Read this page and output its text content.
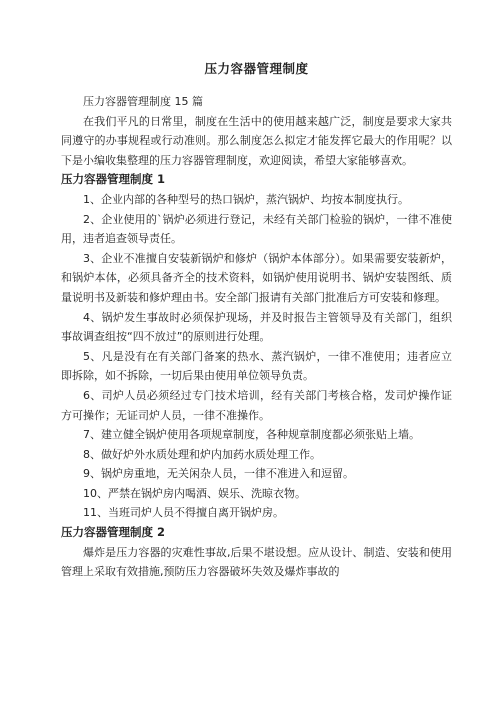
压力容器管理制度

压力容器管理制度 15 篇

在我们平凡的日常里，制度在生活中的使用越来越广泛，制度是要求大家共同遵守的办事规程或行动准则。那么制度怎么拟定才能发挥它最大的作用呢？以下是小编收集整理的压力容器管理制度，欢迎阅读，希望大家能够喜欢。

压力容器管理制度 1

1、企业内部的各种型号的热口锅炉，蒸汽锅炉、均按本制度执行。

2、企业使用的`锅炉必须进行登记，未经有关部门检验的锅炉，一律不准使用，违者追查领导责任。

3、企业不准擅自安装新锅炉和修炉（锅炉本体部分）。如果需要安装新炉，和锅炉本体，必须具备齐全的技术资料，如锅炉使用说明书、锅炉安装图纸、质量说明书及新装和修炉理由书。安全部门报请有关部门批准后方可安装和修理。

4、锅炉发生事故时必须保护现场，并及时报告主管领导及有关部门，组织事故调查组按“四不放过”的原则进行处理。

5、凡是没有在有关部门备案的热水、蒸汽锅炉，一律不准使用；违者应立即拆除，如不拆除，一切后果由使用单位领导负责。

6、司炉人员必须经过专门技术培训，经有关部门考核合格，发司炉操作证方可操作；无证司炉人员，一律不准操作。

7、建立健全锅炉使用各项规章制度，各种规章制度都必须张贴上墙。

8、做好炉外水质处理和炉内加药水质处理工作。

9、锅炉房重地，无关闲杂人员，一律不准进入和逗留。

10、严禁在锅炉房内喝酒、娱乐、洗晾衣物。

11、当班司炉人员不得擅自离开锅炉房。

压力容器管理制度 2

爆炸是压力容器的灾难性事故,后果不堪设想。应从设计、制造、安装和使用管理上采取有效措施,预防压力容器破坏失效及爆炸事故的
